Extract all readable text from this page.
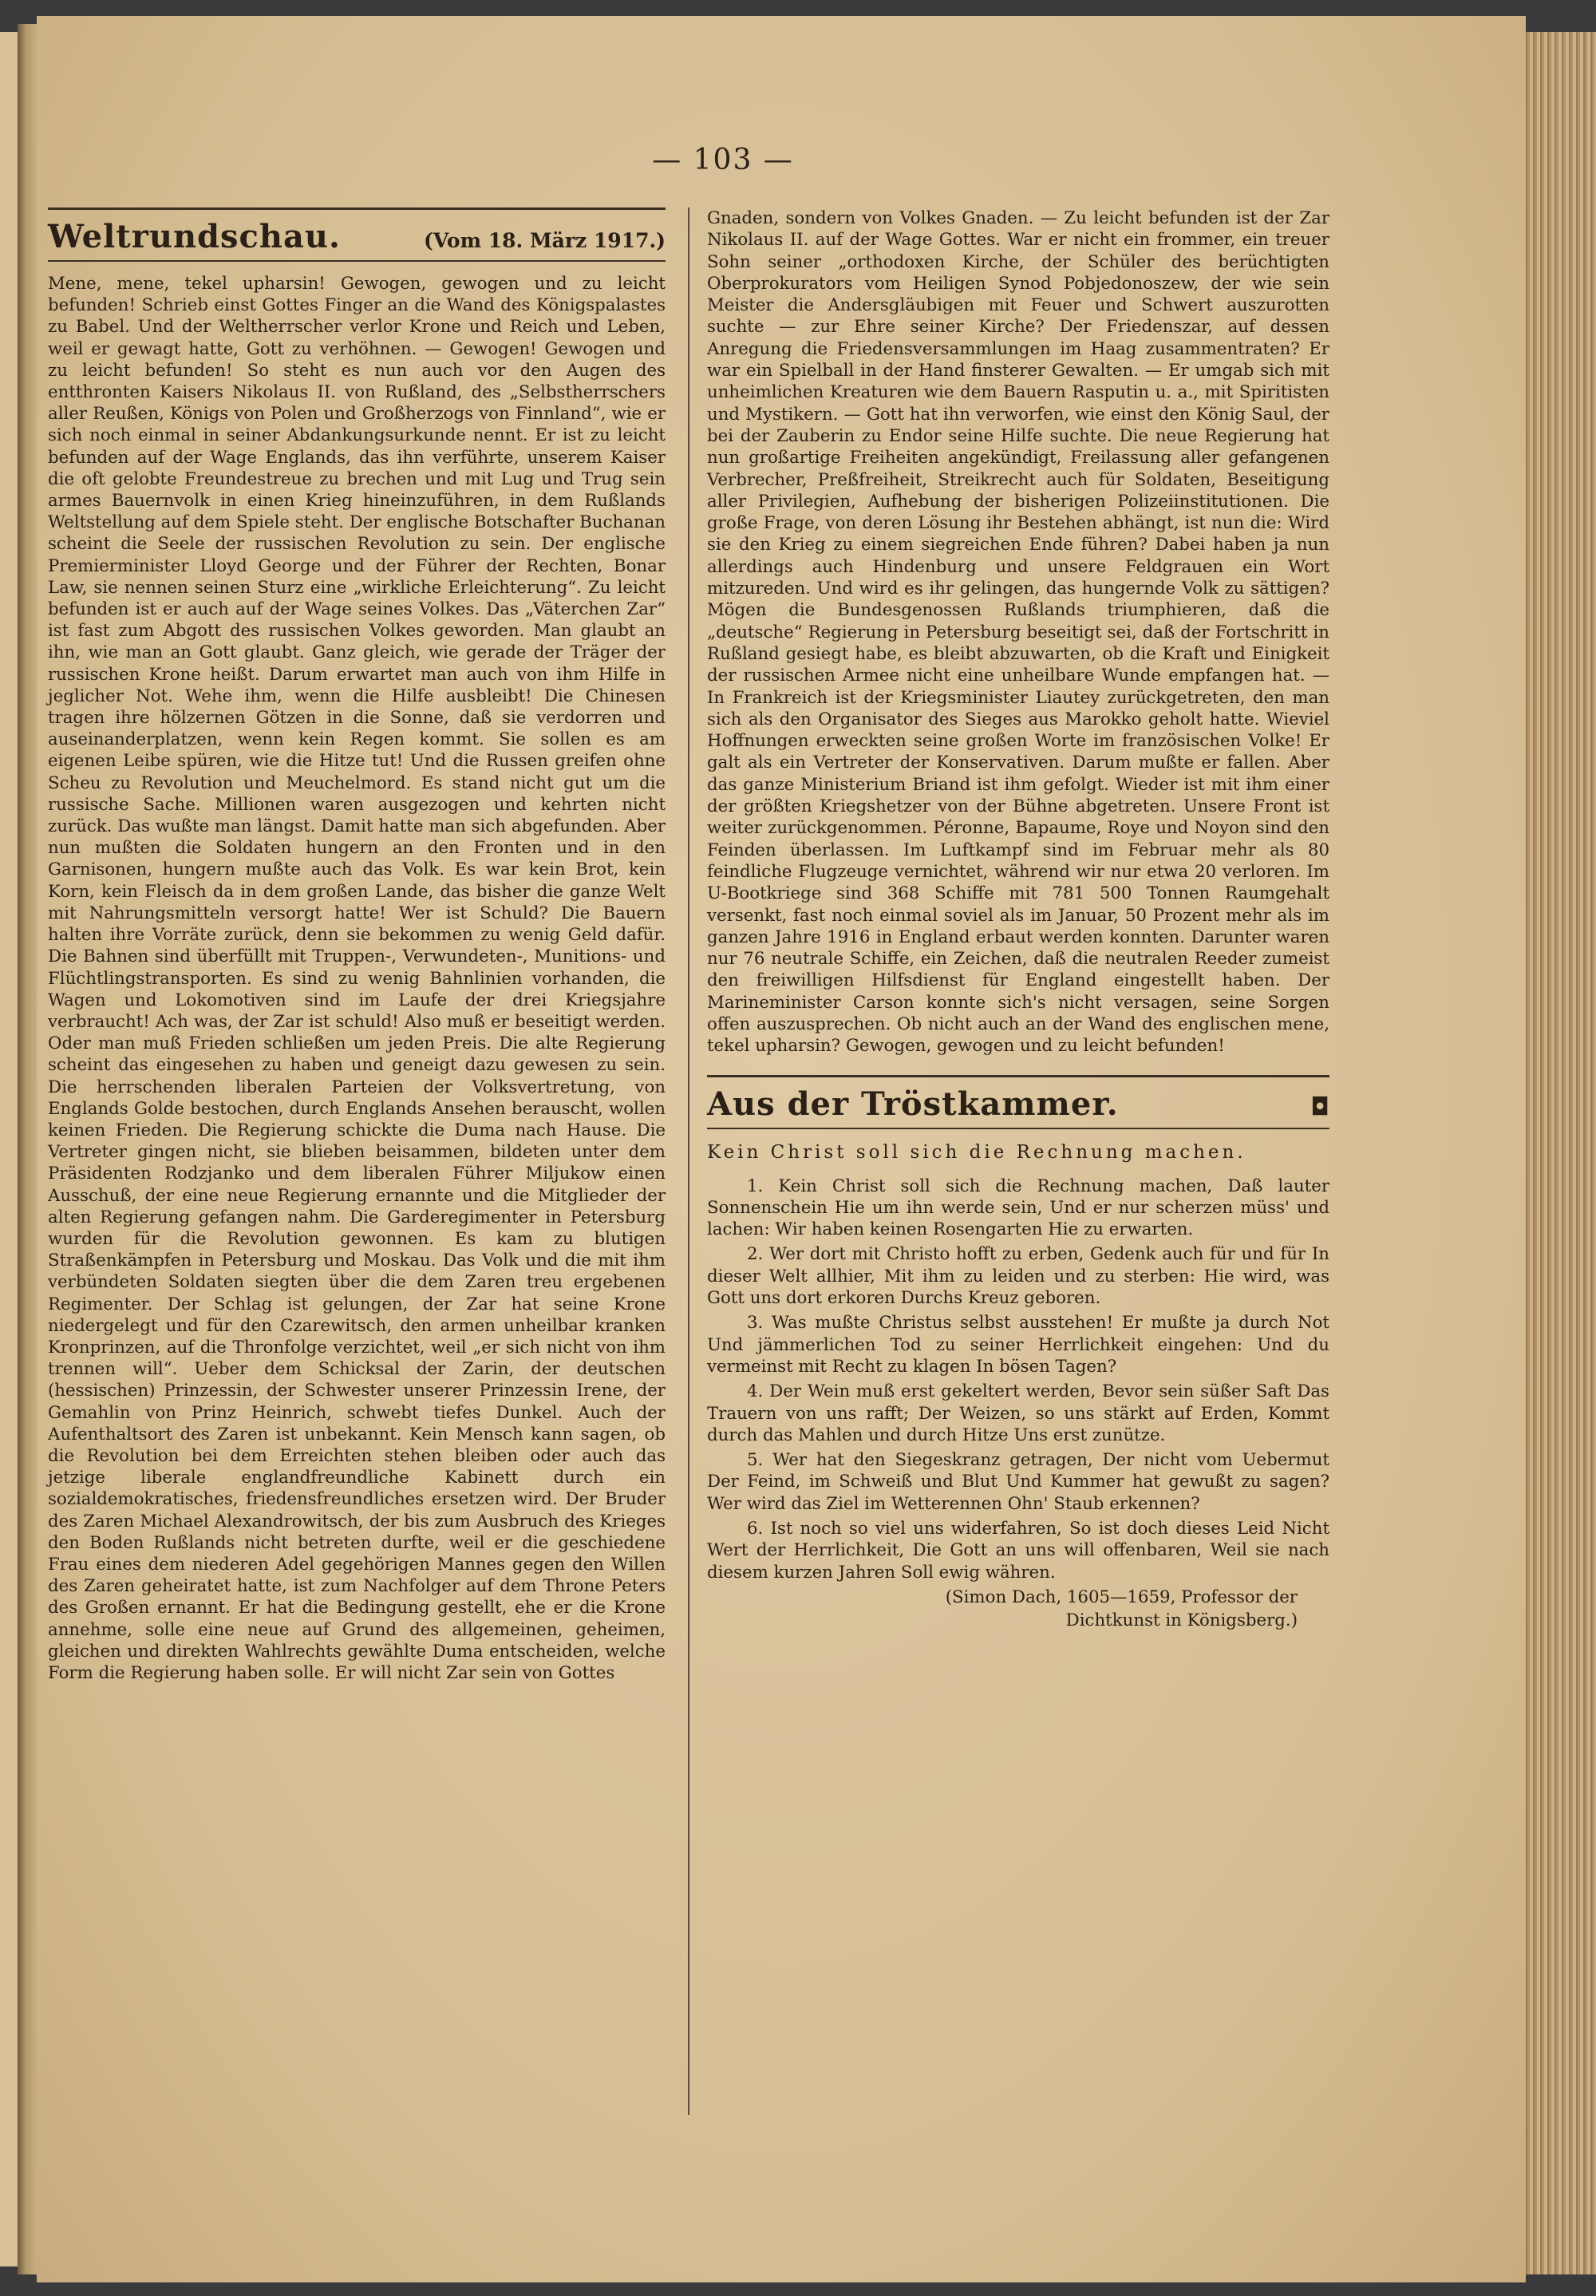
— 103 —
Weltrundschau.	(Vom 18. März 1917.)

Mene, mene, tekel upharsin! Gewogen, gewogen und zu leicht befunden! Schrieb einst Gottes Finger an die Wand des Königspalastes zu Babel. Und der Weltherrscher verlor Krone und Reich und Leben, weil er gewagt hatte, Gott zu verhöhnen. — Gewogen! Gewogen und zu leicht befunden! So steht es nun auch vor den Augen des entthronten Kaisers Nikolaus II. von Rußland, des „Selbstherrschers aller Reußen, Königs von Polen und Großherzogs von Finnland“, wie er sich noch einmal in seiner Abdankungsurkunde nennt. Er ist zu leicht befunden auf der Wage Englands, das ihn verführte, unserem Kaiser die oft gelobte Freundestreue zu brechen und mit Lug und Trug sein armes Bauernvolk in einen Krieg hineinzuführen, in dem Rußlands Weltstellung auf dem Spiele steht. Der englische Botschafter Buchanan scheint die Seele der russischen Revolution zu sein. Der englische Premierminister Lloyd George und der Führer der Rechten, Bonar Law, sie nennen seinen Sturz eine „wirkliche Erleichterung“. Zu leicht befunden ist er auch auf der Wage seines Volkes. Das „Väterchen Zar“ ist fast zum Abgott des russischen Volkes geworden. Man glaubt an ihn, wie man an Gott glaubt. Ganz gleich, wie gerade der Träger der russischen Krone heißt. Darum erwartet man auch von ihm Hilfe in jeglicher Not. Wehe ihm, wenn die Hilfe ausbleibt! Die Chinesen tragen ihre hölzernen Götzen in die Sonne, daß sie verdorren und auseinanderplatzen, wenn kein Regen kommt. Sie sollen es am eigenen Leibe spüren, wie die Hitze tut! Und die Russen greifen ohne Scheu zu Revolution und Meuchelmord. Es stand nicht gut um die russische Sache. Millionen waren ausgezogen und kehrten nicht zurück. Das wußte man längst. Damit hatte man sich abgefunden. Aber nun mußten die Soldaten hungern an den Fronten und in den Garnisonen, hungern mußte auch das Volk. Es war kein Brot, kein Korn, kein Fleisch da in dem großen Lande, das bisher die ganze Welt mit Nahrungsmitteln versorgt hatte! Wer ist Schuld? Die Bauern halten ihre Vorräte zurück, denn sie bekommen zu wenig Geld dafür. Die Bahnen sind überfüllt mit Truppen-, Verwundeten-, Munitions- und Flüchtlingstransporten. Es sind zu wenig Bahnlinien vorhanden, die Wagen und Lokomotiven sind im Laufe der drei Kriegsjahre verbraucht! Ach was, der Zar ist schuld! Also muß er beseitigt werden. Oder man muß Frieden schließen um jeden Preis. Die alte Regierung scheint das eingesehen zu haben und geneigt dazu gewesen zu sein. Die herrschenden liberalen Parteien der Volksvertretung, von Englands Golde bestochen, durch Englands Ansehen berauscht, wollen keinen Frieden. Die Regierung schickte die Duma nach Hause. Die Vertreter gingen nicht, sie blieben beisammen, bildeten unter dem Präsidenten Rodzjanko und dem liberalen Führer Miljukow einen Ausschuß, der eine neue Regierung ernannte und die Mitglieder der alten Regierung gefangen nahm. Die Garderegimenter in Petersburg wurden für die Revolution gewonnen. Es kam zu blutigen Straßenkämpfen in Petersburg und Moskau. Das Volk und die mit ihm verbündeten Soldaten siegten über die dem Zaren treu ergebenen Regimenter. Der Schlag ist gelungen, der Zar hat seine Krone niedergelegt und für den Czarewitsch, den armen unheilbar kranken Kronprinzen, auf die Thronfolge verzichtet, weil „er sich nicht von ihm trennen will“. Ueber dem Schicksal der Zarin, der deutschen (hessischen) Prinzessin, der Schwester unserer Prinzessin Irene, der Gemahlin von Prinz Heinrich, schwebt tiefes Dunkel. Auch der Aufenthaltsort des Zaren ist unbekannt. Kein Mensch kann sagen, ob die Revolution bei dem Erreichten stehen bleiben oder auch das jetzige liberale englandfreundliche Kabinett durch ein sozialdemokratisches, friedensfreundliches ersetzen wird. Der Bruder des Zaren Michael Alexandrowitsch, der bis zum Ausbruch des Krieges den Boden Rußlands nicht betreten durfte, weil er die geschiedene Frau eines dem niederen Adel gegehörigen Mannes gegen den Willen des Zaren geheiratet hatte, ist zum Nachfolger auf dem Throne Peters des Großen ernannt. Er hat die Bedingung gestellt, ehe er die Krone annehme, solle eine neue auf Grund des allgemeinen, geheimen, gleichen und direkten Wahlrechts gewählte Duma entscheiden, welche Form die Regierung haben solle. Er will nicht Zar sein von Gottes

Gnaden, sondern von Volkes Gnaden. — Zu leicht befunden ist der Zar Nikolaus II. auf der Wage Gottes. War er nicht ein frommer, ein treuer Sohn seiner „orthodoxen Kirche, der Schüler des berüchtigten Oberprokurators vom Heiligen Synod Pobjedonoszew, der wie sein Meister die Andersgläubigen mit Feuer und Schwert auszurotten suchte — zur Ehre seiner Kirche? Der Friedenszar, auf dessen Anregung die Friedensversammlungen im Haag zusammentraten? Er war ein Spielball in der Hand finsterer Gewalten. — Er umgab sich mit unheimlichen Kreaturen wie dem Bauern Rasputin u. a., mit Spiritisten und Mystikern. — Gott hat ihn verworfen, wie einst den König Saul, der bei der Zauberin zu Endor seine Hilfe suchte. Die neue Regierung hat nun großartige Freiheiten angekündigt, Freilassung aller gefangenen Verbrecher, Preßfreiheit, Streikrecht auch für Soldaten, Beseitigung aller Privilegien, Aufhebung der bisherigen Polizeiinstitutionen. Die große Frage, von deren Lösung ihr Bestehen abhängt, ist nun die: Wird sie den Krieg zu einem siegreichen Ende führen? Dabei haben ja nun allerdings auch Hindenburg und unsere Feldgrauen ein Wort mitzureden. Und wird es ihr gelingen, das hungernde Volk zu sättigen? Mögen die Bundesgenossen Rußlands triumphieren, daß die „deutsche“ Regierung in Petersburg beseitigt sei, daß der Fortschritt in Rußland gesiegt habe, es bleibt abzuwarten, ob die Kraft und Einigkeit der russischen Armee nicht eine unheilbare Wunde empfangen hat. — In Frankreich ist der Kriegsminister Liautey zurückgetreten, den man sich als den Organisator des Sieges aus Marokko geholt hatte. Wieviel Hoffnungen erweckten seine großen Worte im französischen Volke! Er galt als ein Vertreter der Konservativen. Darum mußte er fallen. Aber das ganze Ministerium Briand ist ihm gefolgt. Wieder ist mit ihm einer der größten Kriegshetzer von der Bühne abgetreten. Unsere Front ist weiter zurückgenommen. Péronne, Bapaume, Roye und Noyon sind den Feinden überlassen. Im Luftkampf sind im Februar mehr als 80 feindliche Flugzeuge vernichtet, während wir nur etwa 20 verloren. Im U-Bootkriege sind 368 Schiffe mit 781 500 Tonnen Raumgehalt versenkt, fast noch einmal soviel als im Januar, 50 Prozent mehr als im ganzen Jahre 1916 in England erbaut werden konnten. Darunter waren nur 76 neutrale Schiffe, ein Zeichen, daß die neutralen Reeder zumeist den freiwilligen Hilfsdienst für England eingestellt haben. Der Marineminister Carson konnte sich's nicht versagen, seine Sorgen offen auszusprechen. Ob nicht auch an der Wand des englischen mene, tekel upharsin? Gewogen, gewogen und zu leicht befunden!

Aus der Tröstkammer.	◘
Kein Christ soll sich die Rechnung machen.

1. Kein Christ soll sich die Rechnung machen, Daß lauter Sonnenschein Hie um ihn werde sein, Und er nur scherzen müss' und lachen: Wir haben keinen Rosengarten Hie zu erwarten.

2. Wer dort mit Christo hofft zu erben, Gedenk auch für und für In dieser Welt allhier, Mit ihm zu leiden und zu sterben: Hie wird, was Gott uns dort erkoren Durchs Kreuz geboren.

3. Was mußte Christus selbst ausstehen! Er mußte ja durch Not Und jämmerlichen Tod zu seiner Herrlichkeit eingehen: Und du vermeinst mit Recht zu klagen In bösen Tagen?

4. Der Wein muß erst gekeltert werden, Bevor sein süßer Saft Das Trauern von uns rafft; Der Weizen, so uns stärkt auf Erden, Kommt durch das Mahlen und durch Hitze Uns erst zunütze.

5. Wer hat den Siegeskranz getragen, Der nicht vom Uebermut Der Feind, im Schweiß und Blut Und Kummer hat gewußt zu sagen? Wer wird das Ziel im Wetterennen Ohn' Staub erkennen?

6. Ist noch so viel uns widerfahren, So ist doch dieses Leid Nicht Wert der Herrlichkeit, Die Gott an uns will offenbaren, Weil sie nach diesem kurzen Jahren Soll ewig währen.

(Simon Dach, 1605—1659, Professor der
Dichtkunst in Königsberg.)
